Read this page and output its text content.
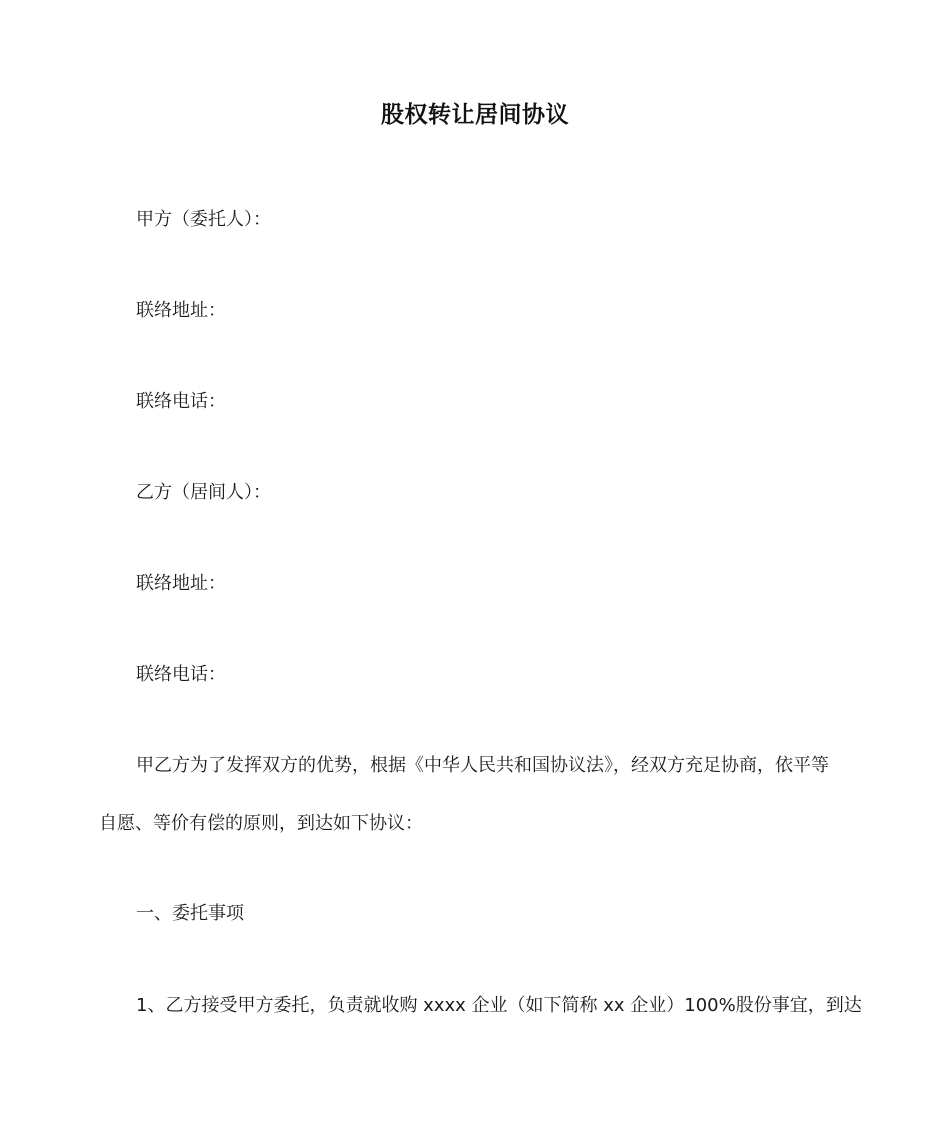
股权转让居间协议
甲方（委托人）：
联络地址：
联络电话：
乙方（居间人）：
联络地址：
联络电话：
甲乙方为了发挥双方的优势，根据《中华人民共和国协议法》，经双方充足协商，依平等
自愿、等价有偿的原则，到达如下协议：
一、委托事项
1、乙方接受甲方委托，负责就收购 xxxx 企业（如下简称 xx 企业）100%股份事宜，到达
